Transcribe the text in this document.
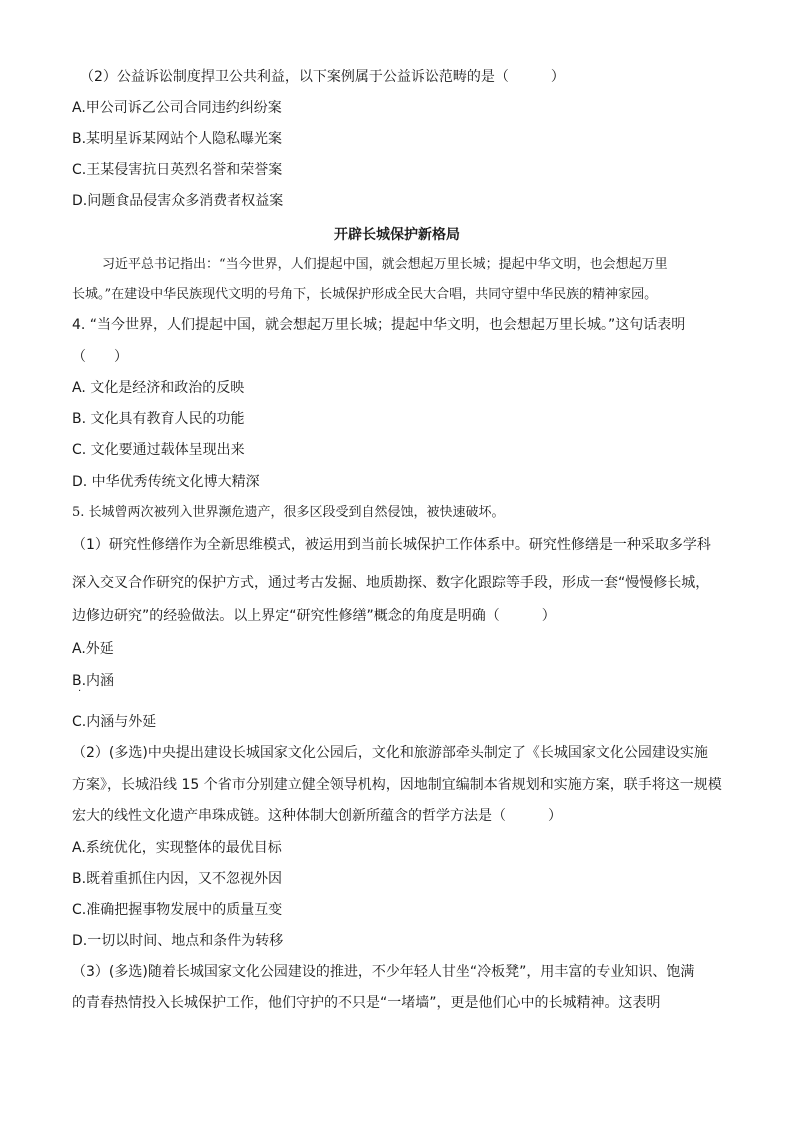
（2）公益诉讼制度捍卫公共利益，以下案例属于公益诉讼范畴的是（　　　）
A.甲公司诉乙公司合同违约纠纷案
B.某明星诉某网站个人隐私曝光案
C.王某侵害抗日英烈名誉和荣誉案
D.问题食品侵害众多消费者权益案
开辟长城保护新格局
习近平总书记指出：“当今世界，人们提起中国，就会想起万里长城；提起中华文明，也会想起万里
长城。”在建设中华民族现代文明的号角下，长城保护形成全民大合唱，共同守望中华民族的精神家园。
4. “当今世界，人们提起中国，就会想起万里长城；提起中华文明，也会想起万里长城。”这句话表明
（　　）
A. 文化是经济和政治的反映
B. 文化具有教育人民的功能
C. 文化要通过载体呈现出来
D. 中华优秀传统文化博大精深
5. 长城曾两次被列入世界濒危遗产，很多区段受到自然侵蚀，被快速破坏。
（1）研究性修缮作为全新思维模式，被运用到当前长城保护工作体系中。研究性修缮是一种采取多学科
深入交叉合作研究的保护方式，通过考古发掘、地质勘探、数字化跟踪等手段，形成一套“慢慢修长城，
边修边研究”的经验做法。以上界定“研究性修缮”概念的角度是明确（　　　）
A.外延
B.内涵
·
C.内涵与外延
（2）(多选)中央提出建设长城国家文化公园后，文化和旅游部牵头制定了《长城国家文化公园建设实施
方案》，长城沿线 15 个省市分别建立健全领导机构，因地制宜编制本省规划和实施方案，联手将这一规模
宏大的线性文化遗产串珠成链。这种体制大创新所蕴含的哲学方法是（　　　）
A.系统优化，实现整体的最优目标
B.既着重抓住内因，又不忽视外因
C.准确把握事物发展中的质量互变
D.一切以时间、地点和条件为转移
（3）(多选)随着长城国家文化公园建设的推进，不少年轻人甘坐“冷板凳”，用丰富的专业知识、饱满
的青春热情投入长城保护工作，他们守护的不只是“一堵墙”，更是他们心中的长城精神。这表明
